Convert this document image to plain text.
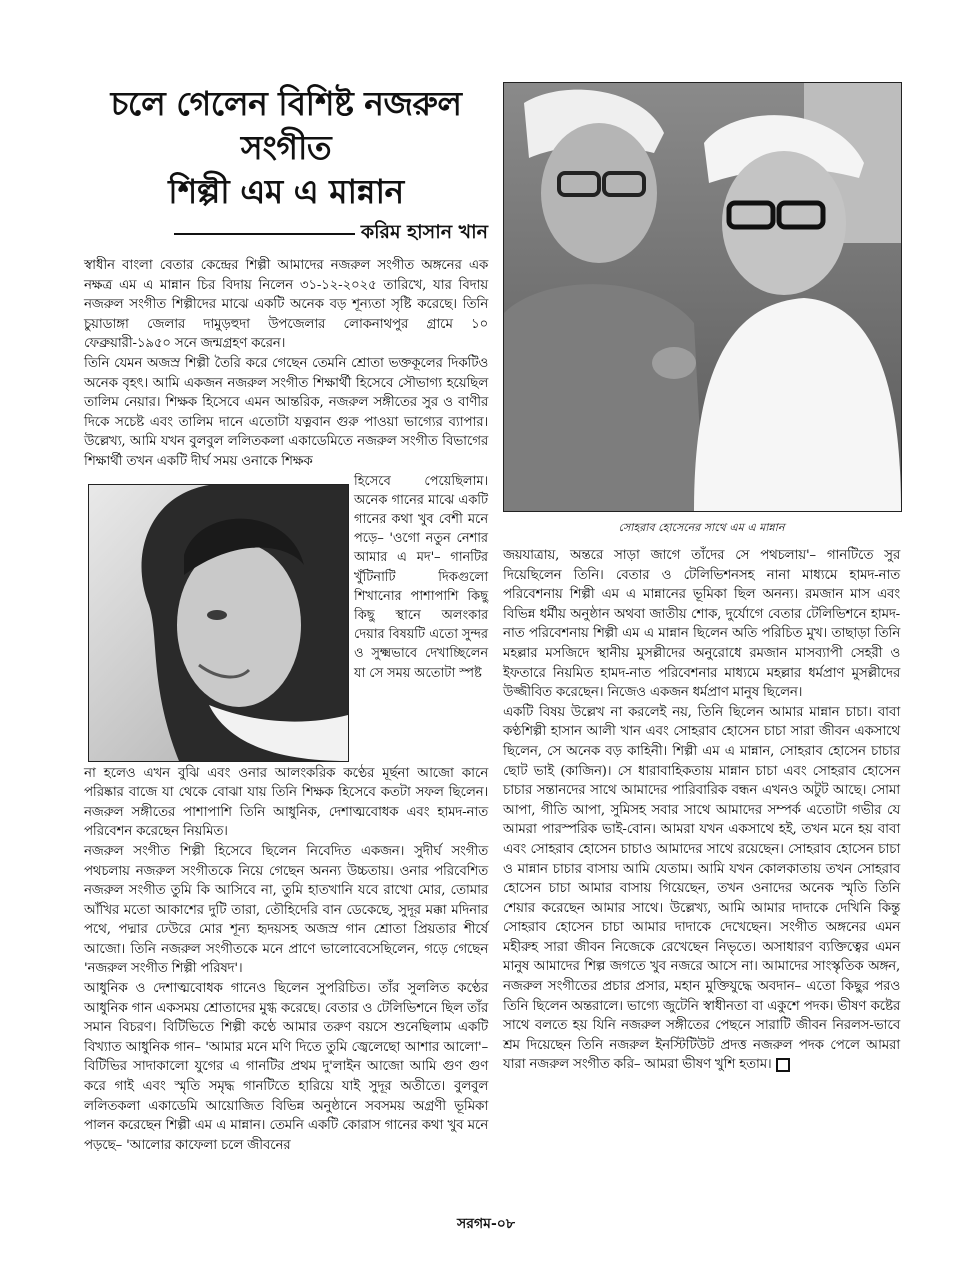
চলে গেলেন বিশিষ্ট নজরুল সংগীত
শিল্পী এম এ মান্নান
করিম হাসান খান

স্বাধীন বাংলা বেতার কেন্দ্রের শিল্পী আমাদের নজরুল সংগীত অঙ্গনের এক নক্ষত্র এম এ মান্নান চির বিদায় নিলেন ৩১-১২-২০২৫ তারিখে, যার বিদায় নজরুল সংগীত শিল্পীদের মাঝে একটি অনেক বড় শূন্যতা সৃষ্টি করেছে। তিনি চুয়াডাঙ্গা জেলার দামুড়হুদা উপজেলার লোকনাথপুর গ্রামে ১০ ফেব্রুয়ারী-১৯৫০ সনে জন্মগ্রহণ করেন।

তিনি যেমন অজস্র শিল্পী তৈরি করে গেছেন তেমনি শ্রোতা ভক্তকূলের দিকটিও অনেক বৃহৎ। আমি একজন নজরুল সংগীত শিক্ষার্থী হিসেবে সৌভাগ্য হয়েছিল তালিম নেয়ার। শিক্ষক হিসেবে এমন আন্তরিক, নজরুল সঙ্গীতের সুর ও বাণীর দিকে সচেষ্ট এবং তালিম দানে এতোটা যত্নবান গুরু পাওয়া ভাগ্যের ব্যাপার। উল্লেখ্য, আমি যখন বুলবুল ললিতকলা একাডেমিতে নজরুল সংগীত বিভাগের শিক্ষার্থী তখন একটি দীর্ঘ সময় ওনাকে শিক্ষক

হিসেবে পেয়েছিলাম। অনেক গানের মাঝে একটি গানের কথা খুব বেশী মনে পড়ে– 'ওগো নতুন নেশার আমার এ মদ'– গানটির খুঁটিনাটি দিকগুলো শিখানোর পাশাপাশি কিছু কিছু স্থানে অলংকার দেয়ার বিষয়টি এতো সুন্দর ও সুক্ষ্মভাবে দেখাচ্ছিলেন যা সে সময় অতোটা স্পষ্ট

না হলেও এখন বুঝি এবং ওনার আলংকরিক কণ্ঠের মূর্ছনা আজো কানে পরিষ্কার বাজে যা থেকে বোঝা যায় তিনি শিক্ষক হিসেবে কতটা সফল ছিলেন। নজরুল সঙ্গীতের পাশাপাশি তিনি আধুনিক, দেশাত্মবোধক এবং হামদ-নাত পরিবেশন করেছেন নিয়মিত।

নজরুল সংগীত শিল্পী হিসেবে ছিলেন নিবেদিত একজন। সুদীর্ঘ সংগীত পথচলায় নজরুল সংগীতকে নিয়ে গেছেন অনন্য উচ্চতায়। ওনার পরিবেশিত নজরুল সংগীত তুমি কি আসিবে না, তুমি হাতখানি যবে রাখো মোর, তোমার আঁখির মতো আকাশের দুটি তারা, তৌহিদেরি বান ডেকেছে, সুদূর মক্কা মদিনার পথে, পদ্মার ঢেউরে মোর শূন্য হৃদয়সহ অজস্র গান শ্রোতা প্রিয়তার শীর্ষে আজো। তিনি নজরুল সংগীতকে মনে প্রাণে ভালোবেসেছিলেন, গড়ে গেছেন 'নজরুল সংগীত শিল্পী পরিষদ'।

আধুনিক ও দেশাত্মবোধক গানেও ছিলেন সুপরিচিত। তাঁর সুললিত কণ্ঠের আধুনিক গান একসময় শ্রোতাদের মুগ্ধ করেছে। বেতার ও টেলিভিশনে ছিল তাঁর সমান বিচরণ। বিটিভিতে শিল্পী কণ্ঠে আমার তরুণ বয়সে শুনেছিলাম একটি বিখ্যাত আধুনিক গান– 'আমার মনে মণি দিতে তুমি জ্বেলেছো আশার আলো'– বিটিভির সাদাকালো যুগের এ গানটির প্রথম দু'লাইন আজো আমি গুণ গুণ করে গাই এবং স্মৃতি সমৃদ্ধ গানটিতে হারিয়ে যাই সুদূর অতীতে। বুলবুল ললিতকলা একাডেমি আয়োজিত বিভিন্ন অনুষ্ঠানে সবসময় অগ্রণী ভূমিকা পালন করেছেন শিল্পী এম এ মান্নান। তেমনি একটি কোরাস গানের কথা খুব মনে পড়ছে– 'আলোর কাফেলা চলে জীবনের

সোহরাব হোসেনের সাথে এম এ মান্নান

জয়যাত্রায়, অন্তরে সাড়া জাগে তাঁদের সে পথচলায়'– গানটিতে সুর দিয়েছিলেন তিনি। বেতার ও টেলিভিশনসহ নানা মাধ্যমে হামদ-নাত পরিবেশনায় শিল্পী এম এ মান্নানের ভূমিকা ছিল অনন্য। রমজান মাস এবং বিভিন্ন ধর্মীয় অনুষ্ঠান অথবা জাতীয় শোক, দুর্যোগে বেতার টেলিভিশনে হামদ-নাত পরিবেশনায় শিল্পী এম এ মান্নান ছিলেন অতি পরিচিত মুখ। তাছাড়া তিনি মহল্লার মসজিদে স্থানীয় মুসল্লীদের অনুরোধে রমজান মাসব্যাপী সেহরী ও ইফতারে নিয়মিত হামদ-নাত পরিবেশনার মাধ্যমে মহল্লার ধর্মপ্রাণ মুসল্লীদের উজ্জীবিত করেছেন। নিজেও একজন ধর্মপ্রাণ মানুষ ছিলেন।

একটি বিষয় উল্লেখ না করলেই নয়, তিনি ছিলেন আমার মান্নান চাচা। বাবা কণ্ঠশিল্পী হাসান আলী খান এবং সোহরাব হোসেন চাচা সারা জীবন একসাথে ছিলেন, সে অনেক বড় কাহিনী। শিল্পী এম এ মান্নান, সোহরাব হোসেন চাচার ছোট ভাই (কাজিন)। সে ধারাবাহিকতায় মান্নান চাচা এবং সোহরাব হোসেন চাচার সন্তানদের সাথে আমাদের পারিবারিক বন্ধন এখনও অটুট আছে। সোমা আপা, গীতি আপা, সুমিসহ সবার সাথে আমাদের সম্পর্ক এতোটা গভীর যে আমরা পারস্পরিক ভাই-বোন। আমরা যখন একসাথে হই, তখন মনে হয় বাবা এবং সোহরাব হোসেন চাচাও আমাদের সাথে রয়েছেন। সোহরাব হোসেন চাচা ও মান্নান চাচার বাসায় আমি যেতাম। আমি যখন কোলকাতায় তখন সোহরাব হোসেন চাচা আমার বাসায় গিয়েছেন, তখন ওনাদের অনেক স্মৃতি তিনি শেয়ার করেছেন আমার সাথে। উল্লেখ্য, আমি আমার দাদাকে দেখিনি কিন্তু সোহরাব হোসেন চাচা আমার দাদাকে দেখেছেন। সংগীত অঙ্গনের এমন মহীরুহ সারা জীবন নিজেকে রেখেছেন নিভৃতে। অসাধারণ ব্যক্তিত্বের এমন মানুষ আমাদের শিল্প জগতে খুব নজরে আসে না। আমাদের সাংস্কৃতিক অঙ্গন, নজরুল সংগীতের প্রচার প্রসার, মহান মুক্তিযুদ্ধে অবদান– এতো কিছুর পরও তিনি ছিলেন অন্তরালে। ভাগ্যে জুটেনি স্বাধীনতা বা একুশে পদক। ভীষণ কষ্টের সাথে বলতে হয় যিনি নজরুল সঙ্গীতের পেছনে সারাটি জীবন নিরলস-ভাবে শ্রম দিয়েছেন তিনি নজরুল ইনস্টিটিউট প্রদত্ত নজরুল পদক পেলে আমরা যারা নজরুল সংগীত করি– আমরা ভীষণ খুশি হতাম।

সরগম-০৮
